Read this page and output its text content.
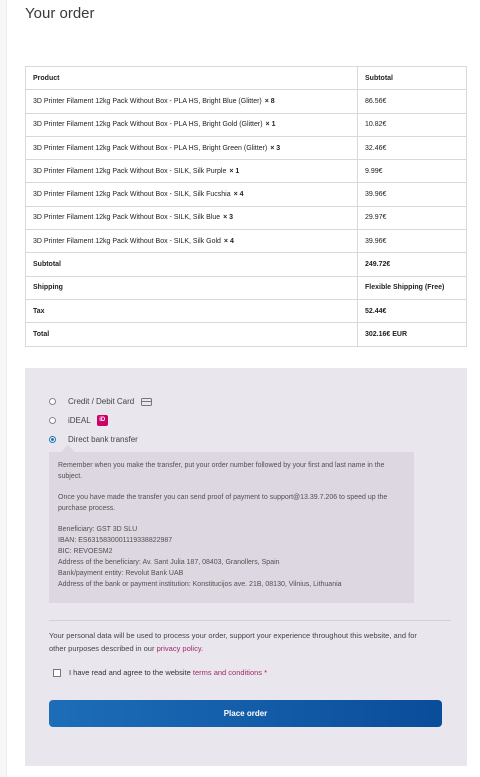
Your order
Product	Subtotal
3D Printer Filament 12kg Pack Without Box - PLA HS, Bright Blue (Glitter) × 8	86.56€
3D Printer Filament 12kg Pack Without Box - PLA HS, Bright Gold (Glitter) × 1	10.82€
3D Printer Filament 12kg Pack Without Box - PLA HS, Bright Green (Glitter) × 3	32.46€
3D Printer Filament 12kg Pack Without Box - SILK, Silk Purple × 1	9.99€
3D Printer Filament 12kg Pack Without Box - SILK, Silk Fucshia × 4	39.96€
3D Printer Filament 12kg Pack Without Box - SILK, Silk Blue × 3	29.97€
3D Printer Filament 12kg Pack Without Box - SILK, Silk Gold × 4	39.96€
Subtotal	249.72€
Shipping	Flexible Shipping (Free)
Tax	52.44€
Total	302.16€ EUR
Credit / Debit Card
iDEAL	iD
Direct bank transfer

Remember when you make the transfer, put your order number followed by your first and last name in the subject.

Once you have made the transfer you can send proof of payment to support@13.39.7.206 to speed up the purchase process.

Beneficiary: GST 3D SLU

IBAN: ES6315830001119338822987

BIC: REVOESM2

Address of the beneficiary: Av. Sant Julia 187, 08403, Granollers, Spain

Bank/payment entity: Revolut Bank UAB

Address of the bank or payment institution: Konstitucijos ave. 21B, 08130, Vilnius, Lithuania

Your personal data will be used to process your order, support your experience throughout this website, and for other purposes described in our privacy policy.

I have read and agree to the website
terms and conditions *
Place order
